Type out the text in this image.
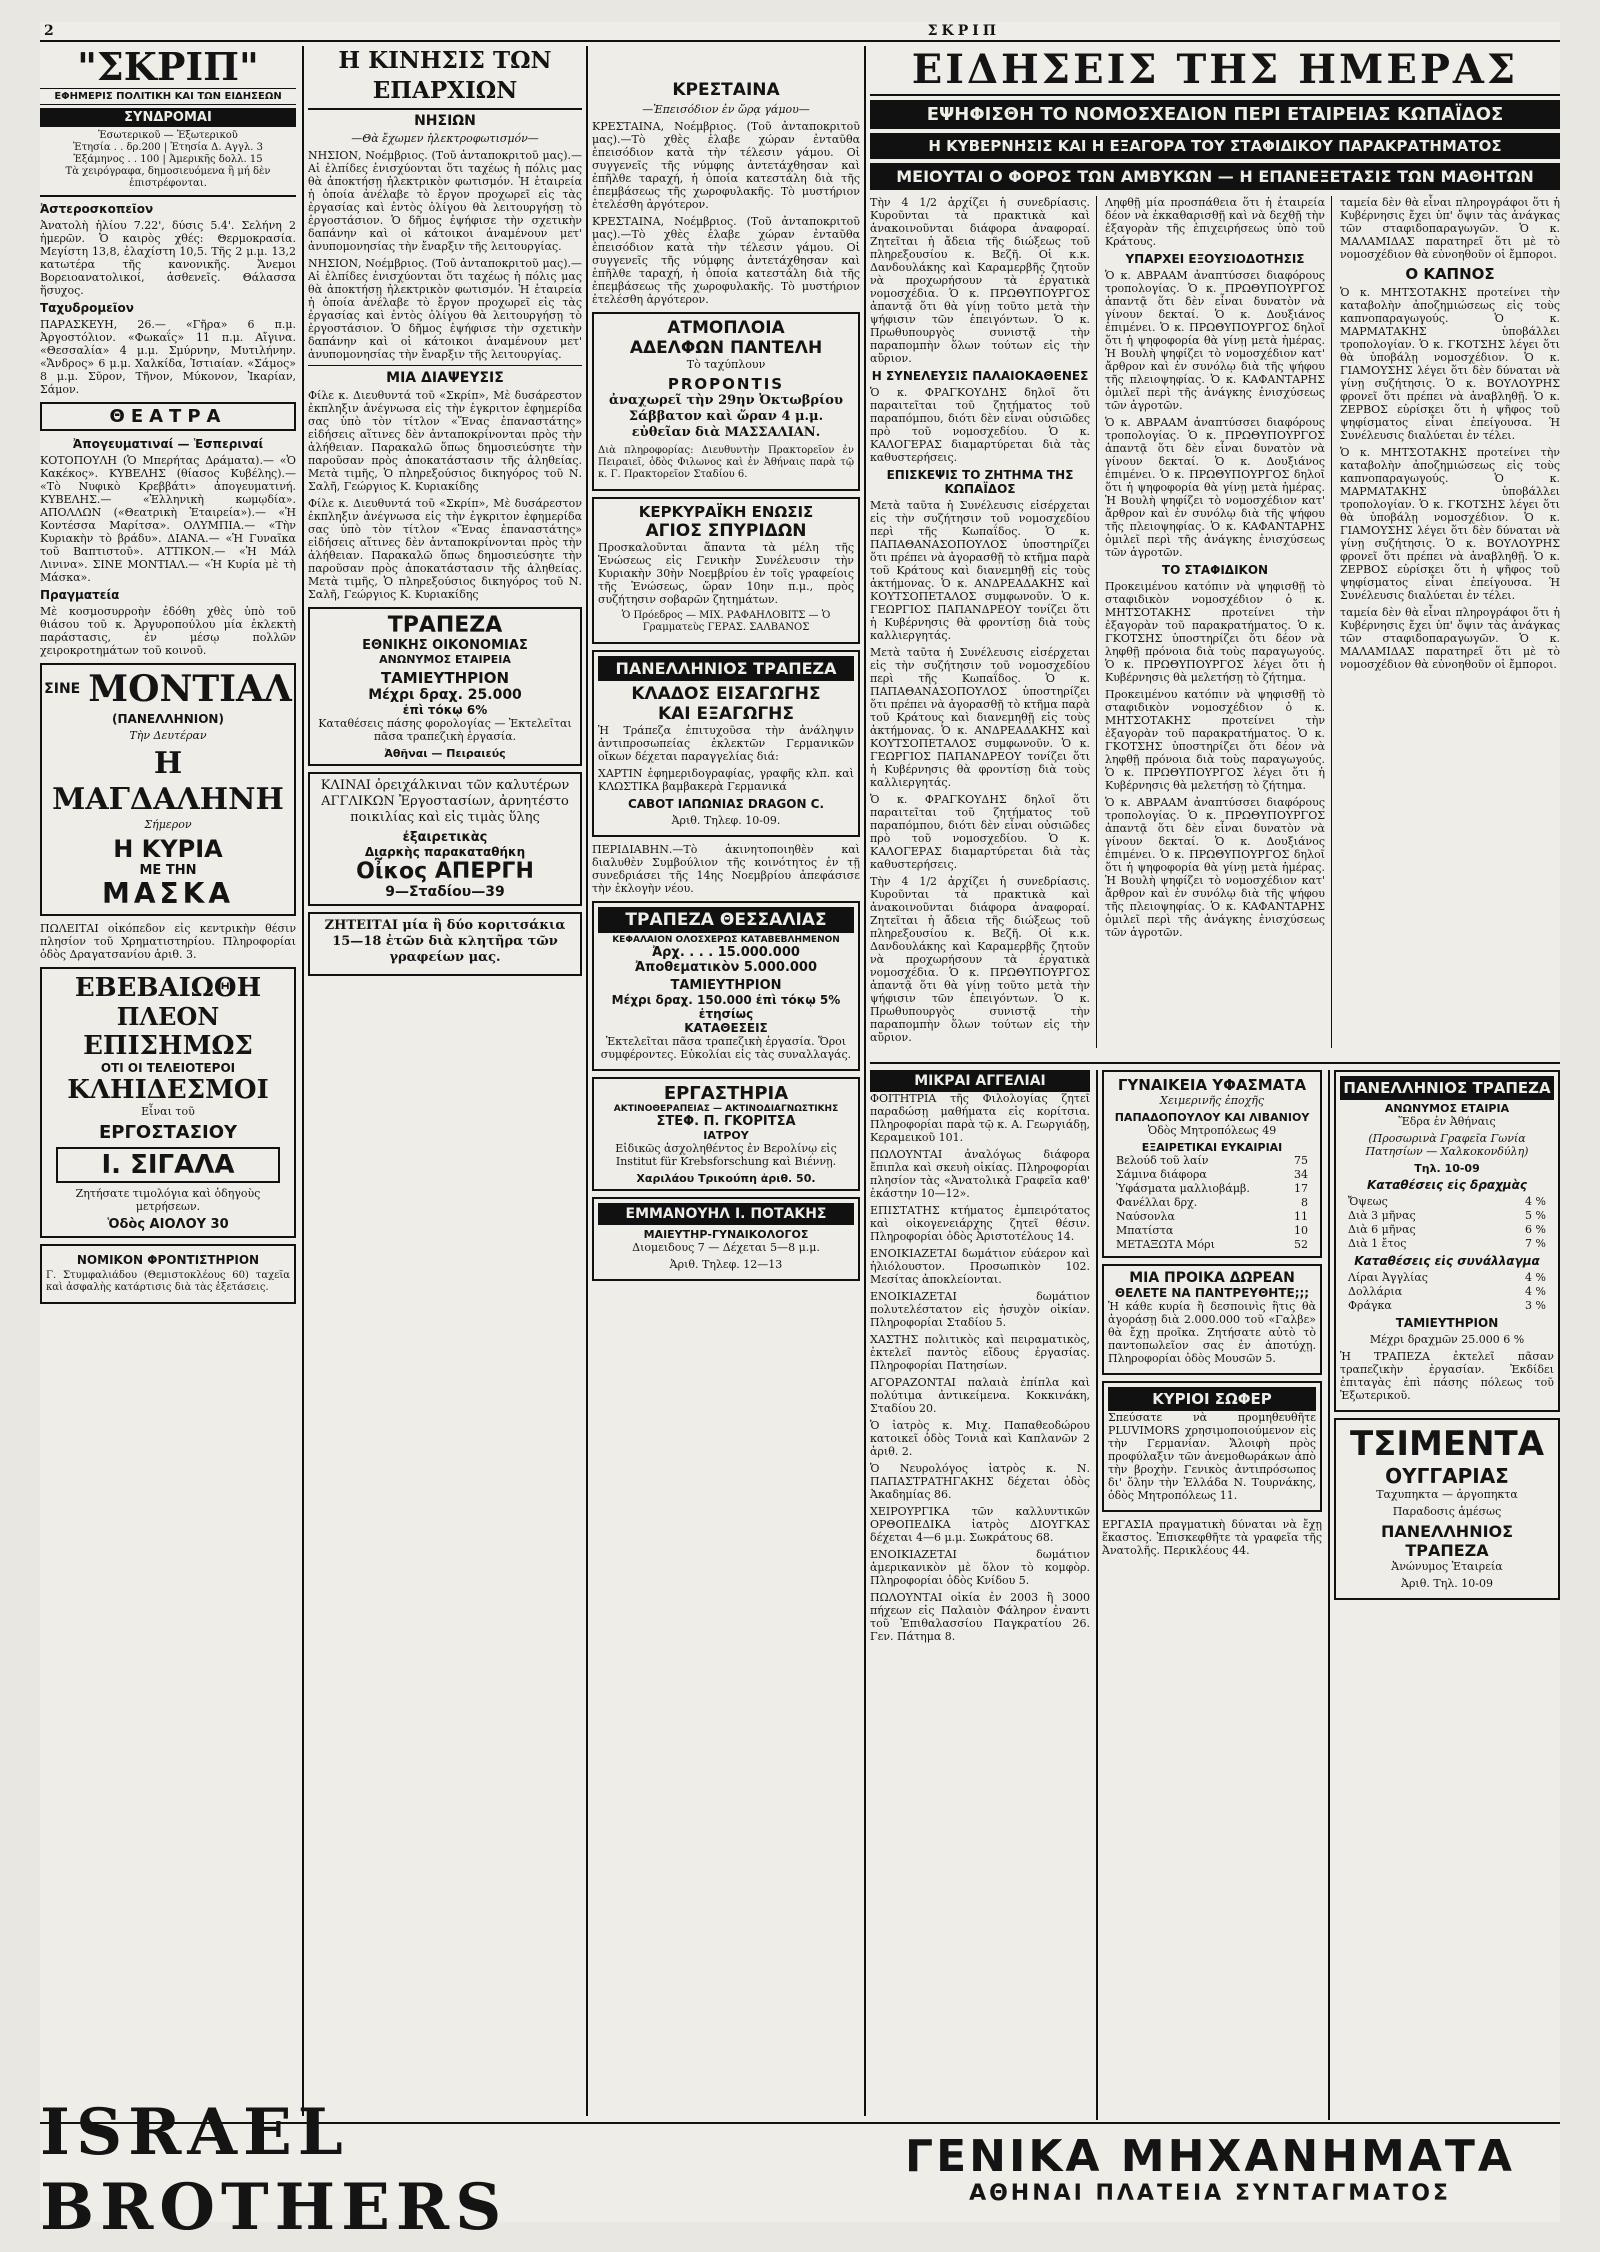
2	ΣΚΡΙΠ
"ΣΚΡΙΠ"
ΕΦΗΜΕΡΙΣ ΠΟΛΙΤΙΚΗ ΚΑΙ ΤΩΝ ΕΙΔΗΣΕΩΝ
ΣΥΝΔΡΟΜΑΙ

Ἐσωτερικοῦ — Ἐξωτερικοῦ

Ἐτησία . . δρ.200 | Ἐτησία Δ. Αγγλ. 3

Ἐξάμηνος . . 100 | Ἀμερικῆς δολλ. 15

Τὰ χειρόγραφα, δημοσιευόμενα ἢ μή δὲν ἐπιστρέφονται.

Ἀστεροσκοπεῖον

Ἀνατολὴ ἡλίου 7.22', δύσις 5.4'. Σελήνη 2 ἡμερῶν. Ὁ καιρὸς χθές: Θερμοκρασία. Μεγίστη 13,8, ἐλαχίστη 10,5. Τῆς 2 μ.μ. 13,2 κατωτέρα τῆς κανονικῆς. Ἄνεμοι Βορειοανατολικοί, ἀσθενεῖς. Θάλασσα ἥσυχος.

Ταχυδρομεῖον

ΠΑΡΑΣΚΕΥΗ, 26.— «Γῆρα» 6 π.μ. Ἀργοστόλιον. «Φωκαΐς» 11 π.μ. Αἴγινα. «Θεσσαλία» 4 μ.μ. Σμύρνην, Μυτιλήνην. «Ἄνδρος» 6 μ.μ. Χαλκίδα, Ἱστιαίαν. «Σάμος» 8 μ.μ. Σῦρον, Τῆνον, Μύκονον, Ἰκαρίαν, Σάμον.

ΘΕΑΤΡΑ
Ἀπογευματιναί — Ἑσπεριναί

ΚΟΤΟΠΟΥΛΗ (Ὁ Μπερήτας Δράματα).— «Ὁ Κακέκος». ΚΥΒΕΛΗΣ (θίασος Κυβέλης).— «Τὸ Νυφικὸ Κρεββάτι» ἀπογευματινή. ΚΥΒΕΛΗΣ.— «Ἑλληνικὴ κωμῳδία». ΑΠΟΛΛΩΝ («Θεατρικὴ Ἑταιρεία»).— «Ἡ Κοντέσσα Μαρίτσα». ΟΛΥΜΠΙΑ.— «Τὴν Κυριακὴν τὸ βράδυ». ΔΙΑΝΑ.— «Ἡ Γυναῖκα τοῦ Βαπτιστοῦ». ΑΤΤΙΚΟΝ.— «Ἡ Μάλ Λινινα». ΣΙΝΕ ΜΟΝΤΙΑΛ.— «Ἡ Κυρία μὲ τὴ Μάσκα».

Πραγματεία

Μὲ κοσμοσυρροὴν ἐδόθη χθὲς ὑπὸ τοῦ θιάσου τοῦ κ. Ἀργυροπούλου μία ἐκλεκτὴ παράστασις, ἐν μέσῳ πολλῶν χειροκροτημάτων τοῦ κοινοῦ.

ΣΙΝΕ ΜΟΝΤΙΑΛ
(ΠΑΝΕΛΛΗΝΙΟΝ)
Τὴν Δευτέραν
Η ΜΑΓΔΑΛΗΝΗ
Σήμερον
Η ΚΥΡΙΑ
ΜΕ ΤΗΝ
ΜΑΣΚΑ

ΠΩΛΕΙΤΑΙ οἰκόπεδον εἰς κεντρικὴν θέσιν πλησίον τοῦ Χρηματιστηρίου. Πληροφορίαι ὁδὸς Δραγατσανίου ἀριθ. 3.

ΕΒΕΒΑΙΩΘΗ
ΠΛΕΟΝ
ΕΠΙΣΗΜΩΣ
ΟΤΙ ΟΙ ΤΕΛΕΙΟΤΕΡΟΙ
ΚΛΗΙΔΕΣΜΟΙ
Εἶναι τοῦ
ΕΡΓΟΣΤΑΣΙΟΥ
Ι. ΣΙΓΑΛΑ

Ζητήσατε τιμολόγια καὶ ὁδηγοὺς μετρήσεων.

Ὁδὸς ΑΙΟΛΟΥ 30
ΝΟΜΙΚΟΝ ΦΡΟΝΤΙΣΤΗΡΙΟΝ

Γ. Στυμφαλιάδου (Θεμιστοκλέους 60) ταχεῖα καὶ ἀσφαλὴς κατάρτισις διὰ τὰς ἐξετάσεις.

Η ΚΙΝΗΣΙΣ ΤΩΝ ΕΠΑΡΧΙΩΝ
ΝΗΣΙΩΝ
—Θὰ ἔχωμεν ἠλεκτροφωτισμόν—

ΝΗΣΙΟΝ, Νοέμβριος. (Τοῦ ἀνταποκριτοῦ μας).—Αἱ ἐλπίδες ἐνισχύονται ὅτι ταχέως ἡ πόλις μας θὰ ἀποκτήσῃ ἠλεκτρικὸν φωτισμόν. Ἡ ἑταιρεία ἡ ὁποία ἀνέλαβε τὸ ἔργον προχωρεῖ εἰς τὰς ἐργασίας καὶ ἐντὸς ὀλίγου θὰ λειτουργήσῃ τὸ ἐργοστάσιον. Ὁ δῆμος ἐψήφισε τὴν σχετικὴν δαπάνην καὶ οἱ κάτοικοι ἀναμένουν μετ' ἀνυπομονησίας τὴν ἔναρξιν τῆς λειτουργίας.

ΝΗΣΙΟΝ, Νοέμβριος. (Τοῦ ἀνταποκριτοῦ μας).—Αἱ ἐλπίδες ἐνισχύονται ὅτι ταχέως ἡ πόλις μας θὰ ἀποκτήσῃ ἠλεκτρικὸν φωτισμόν. Ἡ ἑταιρεία ἡ ὁποία ἀνέλαβε τὸ ἔργον προχωρεῖ εἰς τὰς ἐργασίας καὶ ἐντὸς ὀλίγου θὰ λειτουργήσῃ τὸ ἐργοστάσιον. Ὁ δῆμος ἐψήφισε τὴν σχετικὴν δαπάνην καὶ οἱ κάτοικοι ἀναμένουν μετ' ἀνυπομονησίας τὴν ἔναρξιν τῆς λειτουργίας.

ΜΙΑ ΔΙΑΨΕΥΣΙΣ

Φίλε κ. Διευθυντά τοῦ «Σκρίπ», Μὲ δυσάρεστον ἐκπληξιν ἀνέγνωσα εἰς τὴν ἐγκριτον ἐφημερίδα σας ὑπὸ τὸν τίτλον «Ἕνας ἐπαναστάτης» εἰδήσεις αἵτινες δὲν ἀνταποκρίνονται πρὸς τὴν ἀλήθειαν. Παρακαλῶ ὅπως δημοσιεύσητε τὴν παροῦσαν πρὸς ἀποκατάστασιν τῆς ἀληθείας. Μετὰ τιμῆς, Ὁ πληρεξούσιος δικηγόρος τοῦ Ν. Σαλῆ, Γεώργιος Κ. Κυριακίδης

Φίλε κ. Διευθυντά τοῦ «Σκρίπ», Μὲ δυσάρεστον ἐκπληξιν ἀνέγνωσα εἰς τὴν ἐγκριτον ἐφημερίδα σας ὑπὸ τὸν τίτλον «Ἕνας ἐπαναστάτης» εἰδήσεις αἵτινες δὲν ἀνταποκρίνονται πρὸς τὴν ἀλήθειαν. Παρακαλῶ ὅπως δημοσιεύσητε τὴν παροῦσαν πρὸς ἀποκατάστασιν τῆς ἀληθείας. Μετὰ τιμῆς, Ὁ πληρεξούσιος δικηγόρος τοῦ Ν. Σαλῆ, Γεώργιος Κ. Κυριακίδης

ΤΡΑΠΕΖΑ
ΕΘΝΙΚΗΣ ΟΙΚΟΝΟΜΙΑΣ
ΑΝΩΝΥΜΟΣ ΕΤΑΙΡΕΙΑ
ΤΑΜΙΕΥΤΗΡΙΟΝ
Μέχρι δραχ. 25.000
ἐπὶ τόκῳ 6%

Καταθέσεις πάσης φορολογίας — Ἐκτελεῖται πᾶσα τραπεζικὴ ἐργασία.

Ἀθῆναι — Πειραιεύς

ΚΛΙΝΑΙ ὀρειχάλκιναι τῶν καλυτέρων ΑΓΓΛΙΚΩΝ Ἐργοστασίων, ἀρνητέστο ποικιλίας καὶ εἰς τιμὰς ὕλης

ἐξαιρετικὰς
Διαρκὴς παρακαταθήκη
Οἶκος ΑΠΕΡΓΗ
9—Σταδίου—39

ΖΗΤΕΙΤΑΙ μία ἢ δύο κοριτσάκια 15—18 ἐτῶν διὰ κλητῆρα τῶν γραφείων μας.

ΚΡΕΣΤΑΙΝΑ
—Ἐπεισόδιον ἐν ὥρᾳ γάμου—

ΚΡΕΣΤΑΙΝΑ, Νοέμβριος. (Τοῦ ἀνταποκριτοῦ μας).—Τὸ χθὲς ἐλαβε χώραν ἐνταῦθα ἐπεισόδιον κατὰ τὴν τέλεσιν γάμου. Οἱ συγγενεῖς τῆς νύμφης ἀντετάχθησαν καὶ ἐπῆλθε ταραχή, ἡ ὁποία κατεστάλη διὰ τῆς ἐπεμβάσεως τῆς χωροφυλακῆς. Τὸ μυστήριον ἐτελέσθη ἀργότερον.

ΚΡΕΣΤΑΙΝΑ, Νοέμβριος. (Τοῦ ἀνταποκριτοῦ μας).—Τὸ χθὲς ἐλαβε χώραν ἐνταῦθα ἐπεισόδιον κατὰ τὴν τέλεσιν γάμου. Οἱ συγγενεῖς τῆς νύμφης ἀντετάχθησαν καὶ ἐπῆλθε ταραχή, ἡ ὁποία κατεστάλη διὰ τῆς ἐπεμβάσεως τῆς χωροφυλακῆς. Τὸ μυστήριον ἐτελέσθη ἀργότερον.

ΑΤΜΟΠΛΟΙΑ
ΑΔΕΛΦΩΝ ΠΑΝΤΕΛΗ
Τὸ ταχύπλουν
PROPONTIS

ἀναχωρεῖ τὴν 29ην Ὀκτωβρίου Σάββατον καὶ ὥραν 4 μ.μ. εὐθεῖαν διὰ ΜΑΣΣΑΛΙΑΝ.

Διὰ πληροφορίας: Διευθυντὴν Πρακτορεῖον ἐν Πειραιεῖ, ὁδὸς Φιλωνος καὶ ἐν Ἀθήναις παρὰ τῷ κ. Γ. Πρακτορεῖον Σταδίου 6.

ΚΕΡΚΥΡΑΪΚΗ ΕΝΩΣΙΣ
ΑΓΙΟΣ ΣΠΥΡΙΔΩΝ

Προσκαλοῦνται ἅπαντα τὰ μέλη τῆς Ἑνώσεως εἰς Γενικὴν Συνέλευσιν τὴν Κυριακὴν 30ὴν Νοεμβρίου ἐν τοῖς γραφείοις τῆς Ἑνώσεως, ὥραν 10ην π.μ., πρὸς συζήτησιν σοβαρῶν ζητημάτων.

Ὁ Πρόεδρος — ΜΙΧ. ΡΑΦΑΗΛΟΒΙΤΣ — Ὁ Γραμματεὺς ΓΕΡΑΣ. ΣΑΛΒΑΝΟΣ

ΠΑΝΕΛΛΗΝΙΟΣ ΤΡΑΠΕΖΑ
ΚΛΑΔΟΣ ΕΙΣΑΓΩΓΗΣ
ΚΑΙ ΕΞΑΓΩΓΗΣ

Ἡ Τράπεζα ἐπιτυχοῦσα τὴν ἀνάληψιν ἀντιπροσωπείας ἐκλεκτῶν Γερμανικῶν οἴκων δέχεται παραγγελίας διά:

ΧΑΡΤΙΝ ἐφημεριδογραφίας, γραφῆς κλπ. καὶ ΚΛΩΣΤΙΚΑ βαμβακερὰ Γερμανικά

CABOT ΙΑΠΩΝΙΑΣ DRAGON C.
Ἀριθ. Τηλεφ. 10-09.

ΠΕΡΙΔΙΑΒΗΝ.—Τὸ ἀκινητοποιηθὲν καὶ διαλυθὲν Συμβούλιον τῆς κοινότητος ἐν τῇ συνεδριάσει τῆς 14ης Νοεμβρίου ἀπεφάσισε τὴν ἐκλογὴν νέου.

ΤΡΑΠΕΖΑ ΘΕΣΣΑΛΙΑΣ
ΚΕΦΑΛΑΙΟΝ ΟΛΟΣΧΕΡΩΣ ΚΑΤΑΒΕΒΛΗΜΕΝΟΝ
Ἀρχ. . . . 15.000.000
Ἀποθεματικὸν 5.000.000
ΤΑΜΙΕΥΤΗΡΙΟΝ
Μέχρι δραχ. 150.000 ἐπὶ τόκῳ 5% ἐτησίως
ΚΑΤΑΘΕΣΕΙΣ

Ἐκτελεῖται πᾶσα τραπεζικὴ ἐργασία. Ὅροι συμφέροντες. Εὐκολίαι εἰς τὰς συναλλαγάς.

ΕΡΓΑΣΤΗΡΙΑ
ΑΚΤΙΝΟΘΕΡΑΠΕΙΑΣ — ΑΚΤΙΝΟΔΙΑΓΝΩΣΤΙΚΗΣ
ΣΤΕΦ. Π. ΓΚΟΡΙΤΣΑ
ΙΑΤΡΟΥ

Εἰδικῶς ἀσχοληθέντος ἐν Βερολίνῳ εἰς Institut für Krebsforschung καὶ Βιέννῃ.

Χαριλάου Τρικούπη ἀριθ. 50.
ΕΜΜΑΝΟΥΗΛ Ι. ΠΟΤΑΚΗΣ
ΜΑΙΕΥΤΗΡ-ΓΥΝΑΙΚΟΛΟΓΟΣ
Διομειδους 7 — Δέχεται 5—8 μ.μ.
Ἀριθ. Τηλεφ. 12—13
ΕΙΔΗΣΕΙΣ ΤΗΣ ΗΜΕΡΑΣ
ΕΨΗΦΙΣΘΗ ΤΟ ΝΟΜΟΣΧΕΔΙΟΝ ΠΕΡΙ ΕΤΑΙΡΕΙΑΣ ΚΩΠΑΪΔΟΣ
Η ΚΥΒΕΡΝΗΣΙΣ ΚΑΙ Η ΕΞΑΓΟΡΑ ΤΟΥ ΣΤΑΦΙΔΙΚΟΥ ΠΑΡΑΚΡΑΤΗΜΑΤΟΣ
ΜΕΙΟΥΤΑΙ Ο ΦΟΡΟΣ ΤΩΝ ΑΜΒΥΚΩΝ — Η ΕΠΑΝΕΞΕΤΑΣΙΣ ΤΩΝ ΜΑΘΗΤΩΝ

Τὴν 4 1/2 ἀρχίζει ἡ συνεδρίασις. Κυροῦνται τὰ πρακτικὰ καὶ ἀνακοινοῦνται διάφορα ἀναφοραί. Ζητεῖται ἡ ἄδεια τῆς διώξεως τοῦ πληρεξουσίου κ. Βεζῆ. Οἱ κ.κ. Δανδουλάκης καὶ Καραμερβῆς ζητοῦν νὰ προχωρήσουν τὰ ἐργατικὰ νομοσχέδια. Ὁ κ. ΠΡΩΘΥΠΟΥΡΓΟΣ ἀπαντᾷ ὅτι θὰ γίνῃ τοῦτο μετὰ τὴν ψήφισιν τῶν ἐπειγόντων. Ὁ κ. Πρωθυπουργὸς συνιστᾷ τὴν παραπομπὴν ὅλων τούτων εἰς τὴν αὔριον.

Η ΣΥΝΕΛΕΥΣΙΣ ΠΑΛΑΙΟΚΑΘΕΝΕΣ

Ὁ κ. ΦΡΑΓΚΟΥΔΗΣ δηλοῖ ὅτι παραιτεῖται τοῦ ζητήματος τοῦ παραπόμπου, διότι δὲν εἶναι οὐσιῶδες πρὸ τοῦ νομοσχεδίου. Ὁ κ. ΚΑΛΟΓΕΡΑΣ διαμαρτύρεται διὰ τὰς καθυστερήσεις.

ΕΠΙΣΚΕΨΙΣ ΤΟ ΖΗΤΗΜΑ ΤΗΣ ΚΩΠΑΪΔΟΣ

Μετὰ ταῦτα ἡ Συνέλευσις εἰσέρχεται εἰς τὴν συζήτησιν τοῦ νομοσχεδίου περὶ τῆς Κωπαΐδος. Ὁ κ. ΠΑΠΑΘΑΝΑΣΟΠΟΥΛΟΣ ὑποστηρίζει ὅτι πρέπει νὰ ἀγορασθῇ τὸ κτῆμα παρὰ τοῦ Κράτους καὶ διανεμηθῇ εἰς τοὺς ἀκτήμονας. Ὁ κ. ΑΝΔΡΕΑΔΑΚΗΣ καὶ ΚΟΥΤΣΟΠΕΤΑΛΟΣ συμφωνοῦν. Ὁ κ. ΓΕΩΡΓΙΟΣ ΠΑΠΑΝΔΡΕΟΥ τονίζει ὅτι ἡ Κυβέρνησις θὰ φροντίσῃ διὰ τοὺς καλλιεργητάς.

Μετὰ ταῦτα ἡ Συνέλευσις εἰσέρχεται εἰς τὴν συζήτησιν τοῦ νομοσχεδίου περὶ τῆς Κωπαΐδος. Ὁ κ. ΠΑΠΑΘΑΝΑΣΟΠΟΥΛΟΣ ὑποστηρίζει ὅτι πρέπει νὰ ἀγορασθῇ τὸ κτῆμα παρὰ τοῦ Κράτους καὶ διανεμηθῇ εἰς τοὺς ἀκτήμονας. Ὁ κ. ΑΝΔΡΕΑΔΑΚΗΣ καὶ ΚΟΥΤΣΟΠΕΤΑΛΟΣ συμφωνοῦν. Ὁ κ. ΓΕΩΡΓΙΟΣ ΠΑΠΑΝΔΡΕΟΥ τονίζει ὅτι ἡ Κυβέρνησις θὰ φροντίσῃ διὰ τοὺς καλλιεργητάς.

Ὁ κ. ΦΡΑΓΚΟΥΔΗΣ δηλοῖ ὅτι παραιτεῖται τοῦ ζητήματος τοῦ παραπόμπου, διότι δὲν εἶναι οὐσιῶδες πρὸ τοῦ νομοσχεδίου. Ὁ κ. ΚΑΛΟΓΕΡΑΣ διαμαρτύρεται διὰ τὰς καθυστερήσεις.

Τὴν 4 1/2 ἀρχίζει ἡ συνεδρίασις. Κυροῦνται τὰ πρακτικὰ καὶ ἀνακοινοῦνται διάφορα ἀναφοραί. Ζητεῖται ἡ ἄδεια τῆς διώξεως τοῦ πληρεξουσίου κ. Βεζῆ. Οἱ κ.κ. Δανδουλάκης καὶ Καραμερβῆς ζητοῦν νὰ προχωρήσουν τὰ ἐργατικὰ νομοσχέδια. Ὁ κ. ΠΡΩΘΥΠΟΥΡΓΟΣ ἀπαντᾷ ὅτι θὰ γίνῃ τοῦτο μετὰ τὴν ψήφισιν τῶν ἐπειγόντων. Ὁ κ. Πρωθυπουργὸς συνιστᾷ τὴν παραπομπὴν ὅλων τούτων εἰς τὴν αὔριον.

Ληφθῇ μία προσπάθεια ὅτι ἡ ἑταιρεία δέον νὰ ἐκκαθαρισθῇ καὶ νὰ δεχθῇ τὴν ἐξαγορὰν τῆς ἐπιχειρήσεως ὑπὸ τοῦ Κράτους.

ΥΠΑΡΧΕΙ ΕΞΟΥΣΙΟΔΟΤΗΣΙΣ

Ὁ κ. ΑΒΡΑΑΜ ἀναπτύσσει διαφόρους τροπολογίας. Ὁ κ. ΠΡΩΘΥΠΟΥΡΓΟΣ ἀπαντᾷ ὅτι δὲν εἶναι δυνατὸν νὰ γίνουν δεκταί. Ὁ κ. Δουξιάνος ἐπιμένει. Ὁ κ. ΠΡΩΘΥΠΟΥΡΓΟΣ δηλοῖ ὅτι ἡ ψηφοφορία θὰ γίνῃ μετὰ ἡμέρας. Ἡ Βουλὴ ψηφίζει τὸ νομοσχέδιον κατ' ἄρθρον καὶ ἐν συνόλῳ διὰ τῆς ψήφου τῆς πλειοψηφίας. Ὁ κ. ΚΑΦΑΝΤΑΡΗΣ ὁμιλεῖ περὶ τῆς ἀνάγκης ἐνισχύσεως τῶν ἀγροτῶν.

Ὁ κ. ΑΒΡΑΑΜ ἀναπτύσσει διαφόρους τροπολογίας. Ὁ κ. ΠΡΩΘΥΠΟΥΡΓΟΣ ἀπαντᾷ ὅτι δὲν εἶναι δυνατὸν νὰ γίνουν δεκταί. Ὁ κ. Δουξιάνος ἐπιμένει. Ὁ κ. ΠΡΩΘΥΠΟΥΡΓΟΣ δηλοῖ ὅτι ἡ ψηφοφορία θὰ γίνῃ μετὰ ἡμέρας. Ἡ Βουλὴ ψηφίζει τὸ νομοσχέδιον κατ' ἄρθρον καὶ ἐν συνόλῳ διὰ τῆς ψήφου τῆς πλειοψηφίας. Ὁ κ. ΚΑΦΑΝΤΑΡΗΣ ὁμιλεῖ περὶ τῆς ἀνάγκης ἐνισχύσεως τῶν ἀγροτῶν.

ΤΟ ΣΤΑΦΙΔΙΚΟΝ

Προκειμένου κατόπιν νὰ ψηφισθῇ τὸ σταφιδικὸν νομοσχέδιον ὁ κ. ΜΗΤΣΟΤΑΚΗΣ προτείνει τὴν ἐξαγορὰν τοῦ παρακρατήματος. Ὁ κ. ΓΚΟΤΣΗΣ ὑποστηρίζει ὅτι δέον νὰ ληφθῇ πρόνοια διὰ τοὺς παραγωγούς. Ὁ κ. ΠΡΩΘΥΠΟΥΡΓΟΣ λέγει ὅτι ἡ Κυβέρνησις θὰ μελετήσῃ τὸ ζήτημα.

Προκειμένου κατόπιν νὰ ψηφισθῇ τὸ σταφιδικὸν νομοσχέδιον ὁ κ. ΜΗΤΣΟΤΑΚΗΣ προτείνει τὴν ἐξαγορὰν τοῦ παρακρατήματος. Ὁ κ. ΓΚΟΤΣΗΣ ὑποστηρίζει ὅτι δέον νὰ ληφθῇ πρόνοια διὰ τοὺς παραγωγούς. Ὁ κ. ΠΡΩΘΥΠΟΥΡΓΟΣ λέγει ὅτι ἡ Κυβέρνησις θὰ μελετήσῃ τὸ ζήτημα.

Ὁ κ. ΑΒΡΑΑΜ ἀναπτύσσει διαφόρους τροπολογίας. Ὁ κ. ΠΡΩΘΥΠΟΥΡΓΟΣ ἀπαντᾷ ὅτι δὲν εἶναι δυνατὸν νὰ γίνουν δεκταί. Ὁ κ. Δουξιάνος ἐπιμένει. Ὁ κ. ΠΡΩΘΥΠΟΥΡΓΟΣ δηλοῖ ὅτι ἡ ψηφοφορία θὰ γίνῃ μετὰ ἡμέρας. Ἡ Βουλὴ ψηφίζει τὸ νομοσχέδιον κατ' ἄρθρον καὶ ἐν συνόλῳ διὰ τῆς ψήφου τῆς πλειοψηφίας. Ὁ κ. ΚΑΦΑΝΤΑΡΗΣ ὁμιλεῖ περὶ τῆς ἀνάγκης ἐνισχύσεως τῶν ἀγροτῶν.

ταμεία δὲν θὰ εἶναι πληρογράφοι ὅτι ἡ Κυβέρνησις ἔχει ὑπ' ὄψιν τὰς ἀνάγκας τῶν σταφιδοπαραγωγῶν. Ὁ κ. ΜΑΛΑΜΙΔΑΣ παρατηρεῖ ὅτι μὲ τὸ νομοσχέδιον θὰ εὐνοηθοῦν οἱ ἔμποροι.

Ο ΚΑΠΝΟΣ

Ὁ κ. ΜΗΤΣΟΤΑΚΗΣ προτείνει τὴν καταβολὴν ἀποζημιώσεως εἰς τοὺς καπνοπαραγωγούς. Ὁ κ. ΜΑΡΜΑΤΑΚΗΣ ὑποβάλλει τροπολογίαν. Ὁ κ. ΓΚΟΤΣΗΣ λέγει ὅτι θὰ ὑποβάλῃ νομοσχέδιον. Ὁ κ. ΓΙΑΜΟΥΣΗΣ λέγει ὅτι δὲν δύναται νὰ γίνῃ συζήτησις. Ὁ κ. ΒΟΥΛΟΥΡΗΣ φρονεῖ ὅτι πρέπει νὰ ἀναβληθῇ. Ὁ κ. ΖΕΡΒΟΣ εὑρίσκει ὅτι ἡ ψῆφος τοῦ ψηφίσματος εἶναι ἐπείγουσα. Ἡ Συνέλευσις διαλύεται ἐν τέλει.

Ὁ κ. ΜΗΤΣΟΤΑΚΗΣ προτείνει τὴν καταβολὴν ἀποζημιώσεως εἰς τοὺς καπνοπαραγωγούς. Ὁ κ. ΜΑΡΜΑΤΑΚΗΣ ὑποβάλλει τροπολογίαν. Ὁ κ. ΓΚΟΤΣΗΣ λέγει ὅτι θὰ ὑποβάλῃ νομοσχέδιον. Ὁ κ. ΓΙΑΜΟΥΣΗΣ λέγει ὅτι δὲν δύναται νὰ γίνῃ συζήτησις. Ὁ κ. ΒΟΥΛΟΥΡΗΣ φρονεῖ ὅτι πρέπει νὰ ἀναβληθῇ. Ὁ κ. ΖΕΡΒΟΣ εὑρίσκει ὅτι ἡ ψῆφος τοῦ ψηφίσματος εἶναι ἐπείγουσα. Ἡ Συνέλευσις διαλύεται ἐν τέλει.

ταμεία δὲν θὰ εἶναι πληρογράφοι ὅτι ἡ Κυβέρνησις ἔχει ὑπ' ὄψιν τὰς ἀνάγκας τῶν σταφιδοπαραγωγῶν. Ὁ κ. ΜΑΛΑΜΙΔΑΣ παρατηρεῖ ὅτι μὲ τὸ νομοσχέδιον θὰ εὐνοηθοῦν οἱ ἔμποροι.

ΜΙΚΡΑΙ ΑΓΓΕΛΙΑΙ

ΦΟΙΤΗΤΡΙΑ τῆς Φιλολογίας ζητεῖ παραδώσῃ μαθήματα εἰς κορίτσια. Πληροφορίαι παρὰ τῷ κ. Α. Γεωργιάδῃ, Κεραμεικοῦ 101.

ΠΩΛΟΥΝΤΑΙ ἀναλόγως διάφορα ἔπιπλα καὶ σκευὴ οἰκίας. Πληροφορίαι πλησίον τὰς «Ἀνατολικὰ Γραφεῖα καθ' ἑκάστην 10—12».

ΕΠΙΣΤΑΤΗΣ κτήματος ἐμπειρότατος καὶ οἰκογενειάρχης ζητεῖ θέσιν. Πληροφορίαι ὁδὸς Ἀριστοτέλους 14.

ΕΝΟΙΚΙΑΖΕΤΑΙ δωμάτιον εὐάερον καὶ ἡλιόλουστον. Προσωπικὸν 102. Μεσίτας ἀποκλείονται.

ΕΝΟΙΚΙΑΖΕΤΑΙ δωμάτιον πολυτελέστατον εἰς ἡσυχὸν οἰκίαν. Πληροφορίαι Σταδίου 5.

ΧΑΣΤΗΣ πολιτικὸς καὶ πειραματικὸς, ἐκτελεῖ παντὸς εἴδους ἐργασίας. Πληροφορίαι Πατησίων.

ΑΓΟΡΑΖΟΝΤΑΙ παλαιὰ ἐπίπλα καὶ πολύτιμα ἀντικείμενα. Κοκκινάκη, Σταδίου 20.

Ὁ ἰατρὸς κ. Μιχ. Παπαθεοδώρου κατοικεῖ ὁδὸς Τονιὰ καὶ Καπλανῶν 2 ἀριθ. 2.

Ὁ Νευρολόγος ἰατρὸς κ. Ν. ΠΑΠΑΣΤΡΑΤΗΓΑΚΗΣ δέχεται ὁδὸς Ἀκαδημίας 86.

ΧΕΙΡΟΥΡΓΙΚΑ τῶν καλλυντικῶν ΟΡΘΟΠΕΔΙΚΑ ἰατρὸς ΔΙΟΥΓΚΑΣ δέχεται 4—6 μ.μ. Σωκράτους 68.

ΕΝΟΙΚΙΑΖΕΤΑΙ δωμάτιον ἀμερικανικὸν μὲ ὅλον τὸ κομφὸρ. Πληροφορίαι ὁδὸς Κνίδου 5.

ΠΩΛΟΥΝΤΑΙ οἰκία ἐν 2003 ἢ 3000 πήχεων εἰς Παλαιὸν Φάληρον ἐναντι τοῦ Ἐπιθαλασσίου Παγκρατίου 26. Γεν. Πάτημα 8.

ΓΥΝΑΙΚΕΙΑ ΥΦΑΣΜΑΤΑ
Χειμερινῆς ἐποχῆς
ΠΑΠΑΔΟΠΟΥΛΟΥ ΚΑΙ ΛΙΒΑΝΙΟΥ
Ὁδὸς Μητροπόλεως 49
ΕΞΑΙΡΕΤΙΚΑΙ ΕΥΚΑΙΡΙΑΙ
Βελούδ τοῦ λαίν	75
Σάμινα διάφορα	34
Ὑφάσματα μαλλιοβάμβ.	17
Φανέλλαι δρχ.	8
Ναύσονλα	11
Μπατίστα	10
ΜΕΤΑΞΩΤΑ Μόρι	52
ΜΙΑ ΠΡΟΙΚΑ ΔΩΡΕΑΝ
ΘΕΛΕΤΕ ΝΑ ΠΑΝΤΡΕΥΘΗΤΕ;;;

Ἡ κάθε κυρία ἢ δεσποινὶς ἣτις θὰ ἀγοράσῃ διὰ 2.000.000 τοῦ «Γαλβε» θὰ ἔχῃ προῖκα. Ζητήσατε αὐτὸ τὸ παντοπωλεῖον σας ἐν ἀποτύχῃ. Πληροφορίαι ὁδὸς Μουσῶν 5.

ΚΥΡΙΟΙ ΣΩΦΕΡ

Σπεύσατε νὰ προμηθευθῆτε PLUVIMORS χρησιμοποιούμενον εἰς τὴν Γερμανίαν. Ἄλοιφὴ πρὸς προφύλαξιν τῶν ἀνεμοθωράκων ἀπὸ τὴν βροχὴν. Γενικὸς ἀντιπρόσωπος δι' ὅλην τὴν Ἑλλάδα Ν. Τουρνάκης, ὁδὸς Μητροπόλεως 11.

ΕΡΓΑΣΙΑ πραγματικὴ δύναται νὰ ἔχῃ ἕκαστος. Ἐπισκεφθῆτε τὰ γραφεῖα τῆς Ἀνατολῆς. Περικλέους 44.

ΠΑΝΕΛΛΗΝΙΟΣ ΤΡΑΠΕΖΑ
ΑΝΩΝΥΜΟΣ ΕΤΑΙΡΙΑ
Ἕδρα ἐν Ἀθήναις

(Προσωρινὰ Γραφεῖα Γωνία Πατησίων — Χαλκοκονδύλη)

Τηλ. 10-09
Καταθέσεις εἰς δραχμὰς
Ὄψεως	4 %
Διὰ 3 μῆνας	5 %
Διὰ 6 μῆνας	6 %
Διὰ 1 ἔτος	7 %
Καταθέσεις εἰς συνάλλαγμα
Λίραι Ἀγγλίας	4 %
Δολλάρια	4 %
Φράγκα	3 %
ΤΑΜΙΕΥΤΗΡΙΟΝ
Μέχρι δραχμῶν 25.000 6 %

Ἡ ΤΡΑΠΕΖΑ ἐκτελεῖ πᾶσαν τραπεζικὴν ἐργασίαν. Ἐκδίδει ἐπιταγὰς ἐπὶ πάσης πόλεως τοῦ Ἐξωτερικοῦ.

ΤΣΙΜΕΝΤΑ
ΟΥΓΓΑΡΙΑΣ
Ταχυπηκτα — ἀργοπηκτα
Παραδοσις ἀμέσως
ΠΑΝΕΛΛΗΝΙΟΣ ΤΡΑΠΕΖΑ
Ἀνώνυμος Ἑταιρεία
Ἀριθ. Τηλ. 10-09
ISRAEL BROTHERS
ΓΕΝΙΚΑ ΜΗΧΑΝΗΜΑΤΑ
ΑΘΗΝΑΙ ΠΛΑΤΕΙΑ ΣΥΝΤΑΓΜΑΤΟΣ
